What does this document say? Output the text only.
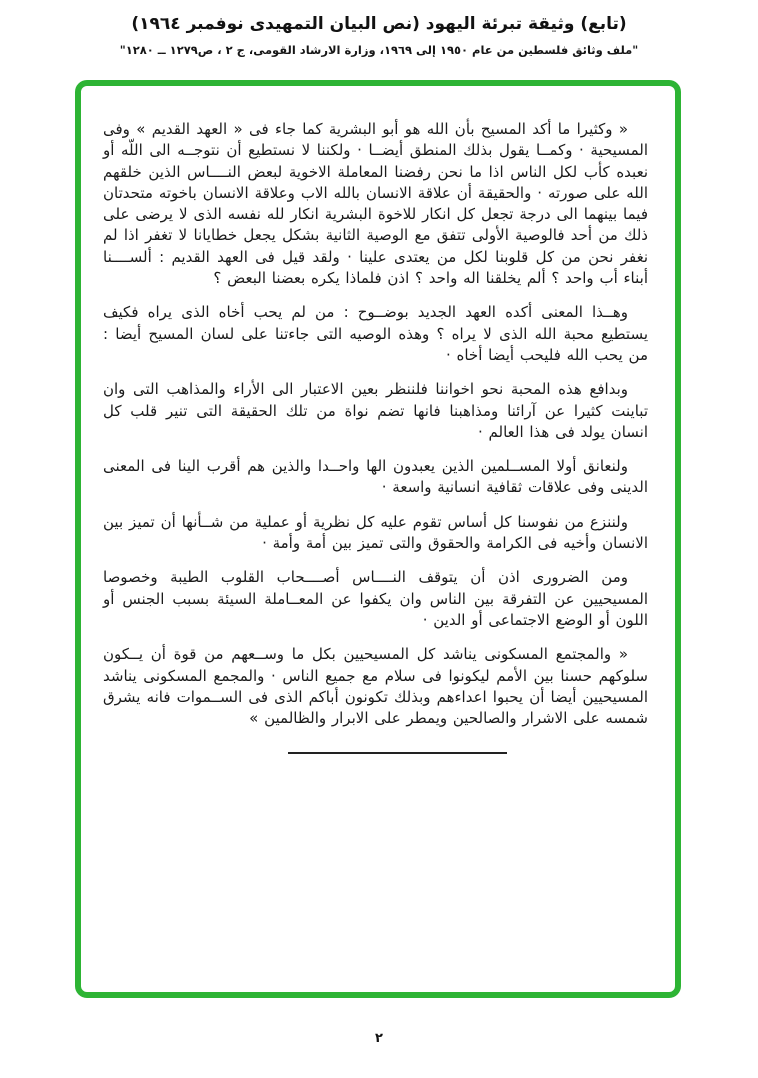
(تابع) وثيقة تبرئة اليهود (نص البيان التمهيدى نوفمبر ١٩٦٤)
"ملف وثائق فلسطين من عام ١٩٥٠ إلى ١٩٦٩، وزارة الارشاد القومى، ج ٢ ، ص١٢٧٩ ــ ١٢٨٠"

« وكثيرا ما أكد المسيح بأن الله هو أبو البشرية كما جاء فى « العهد القديم » وفى المسيحية · وكمــا يقول بذلك المنطق أيضــا · ولكننا لا نستطيع أن نتوجــه الى اللّه أو نعبده كأب لكل الناس اذا ما نحن رفضنا المعاملة الاخوية لبعض النــــاس الذين خلقهم الله على صورته · والحقيقة أن علاقة الانسان بالله الاب وعلاقة الانسان باخوته متحدتان فيما بينهما الى درجة تجعل كل انكار للاخوة البشرية انكار لله نفسه الذى لا يرضى على ذلك من أحد فالوصية الأولى تتفق مع الوصية الثانية بشكل يجعل خطايانا لا تغفر اذا لم نغفر نحن من كل قلوبنا لكل من يعتدى علينا · ولقد قيل فى العهد القديم : ألســــنا أبناء أب واحد ؟ ألم يخلقنا اله واحد ؟ اذن فلماذا يكره بعضنا البعض ؟

وهــذا المعنى أكده العهد الجديد بوضــوح : من لم يحب أخاه الذى يراه فكيف يستطيع محبة الله الذى لا يراه ؟ وهذه الوصيه التى جاءتنا على لسان المسيح أيضا : من يحب الله فليحب أيضا أخاه ·

وبدافع هذه المحبة نحو اخواننا فلننظر بعين الاعتبار الى الأراء والمذاهب التى وان تباينت كثيرا عن آرائنا ومذاهبنا فانها تضم نواة من تلك الحقيقة التى تنير قلب كل انسان يولد فى هذا العالم ·

ولنعانق أولا المســلمين الذين يعبدون الها واحــدا والذين هم أقرب الينا فى المعنى الدينى وفى علاقات ثقافية انسانية واسعة ·

ولننزع من نفوسنا كل أساس تقوم عليه كل نظرية أو عملية من شــأنها أن تميز بين الانسان وأخيه فى الكرامة والحقوق والتى تميز بين أمة وأمة ·

ومن الضرورى اذن أن يتوقف النــــاس أصــــحاب القلوب الطيبة وخصوصا المسيحيين عن التفرقة بين الناس وان يكفوا عن المعــاملة السيئة بسبب الجنس أو اللون أو الوضع الاجتماعى أو الدين ·

« والمجتمع المسكونى يناشد كل المسيحيين بكل ما وســعهم من قوة أن يــكون سلوكهم حسنا بين الأمم ليكونوا فى سلام مع جميع الناس · والمجمع المسكونى يناشد المسيحيين أيضا أن يحبوا اعداءهم وبذلك تكونون أباكم الذى فى الســموات فانه يشرق شمسه على الاشرار والصالحين ويمطر على الابرار والظالمين »

٢
